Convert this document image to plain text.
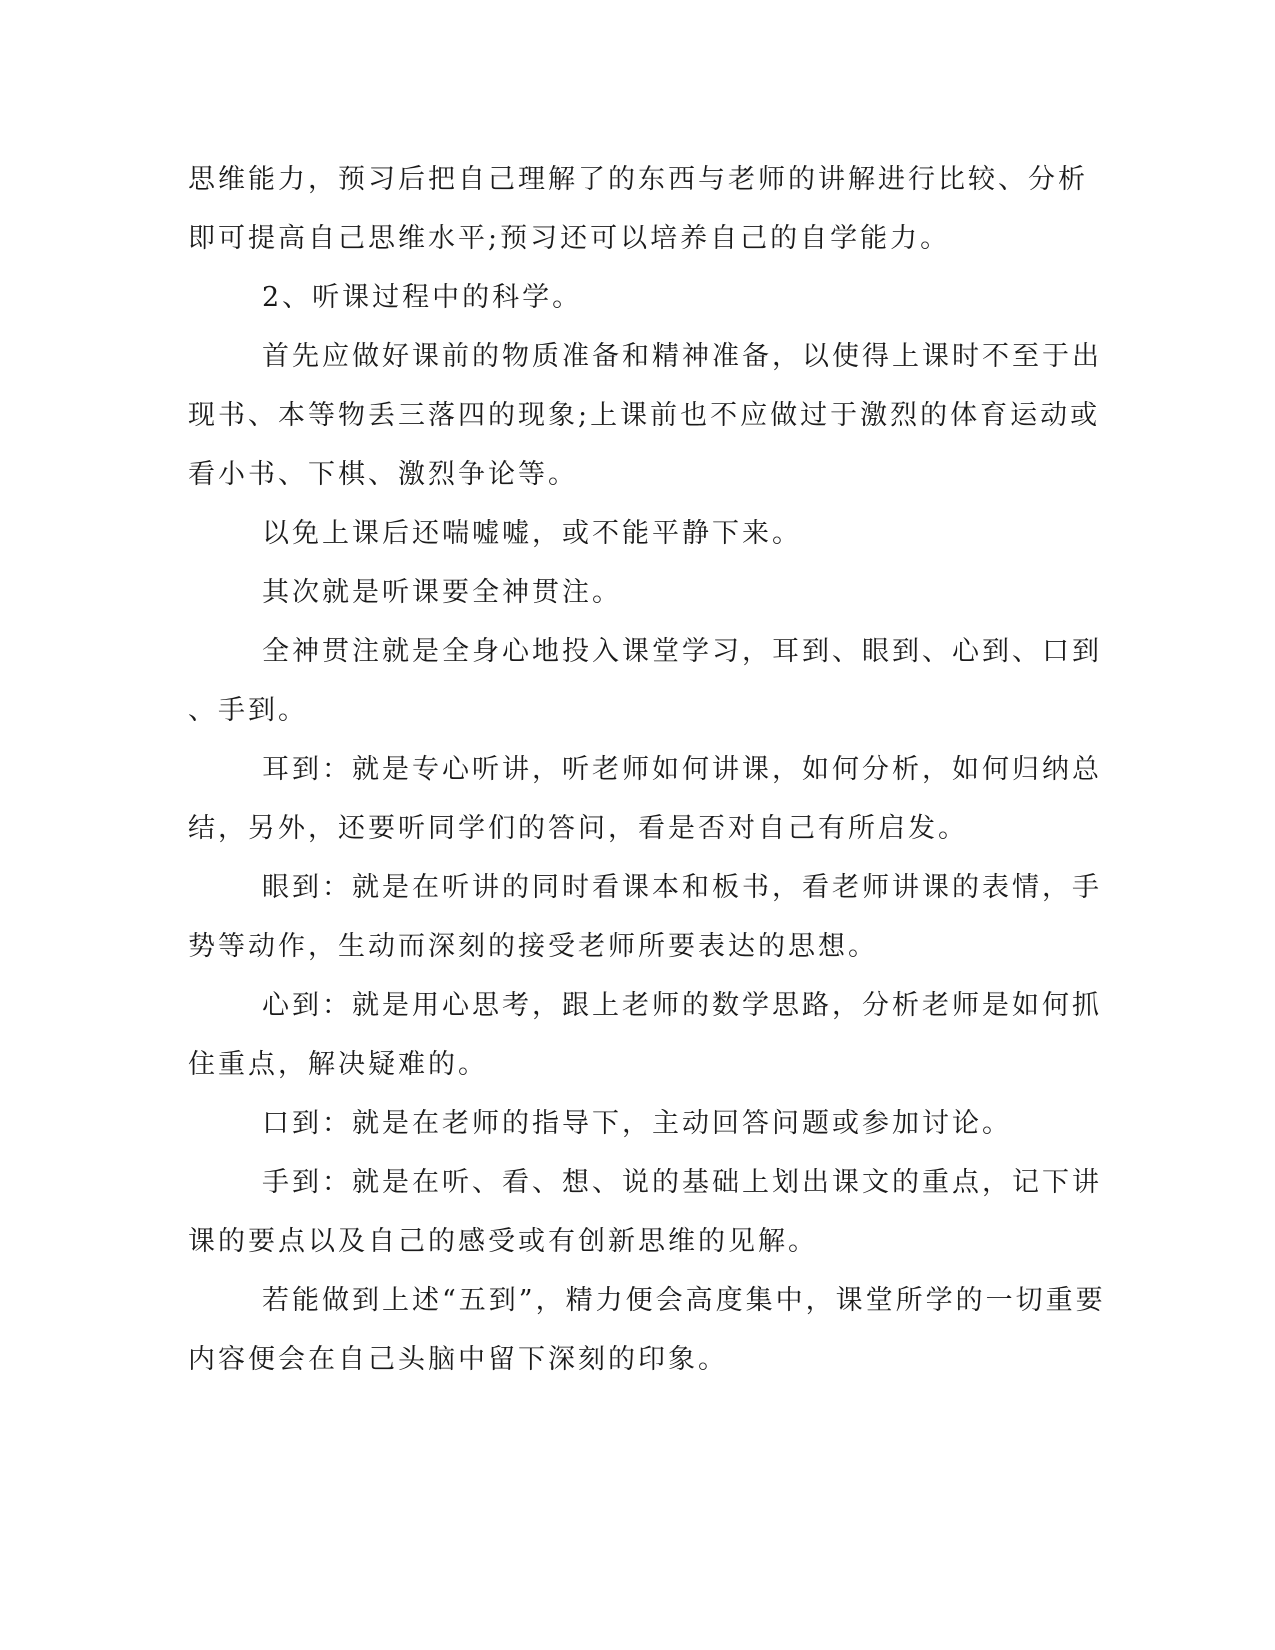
思维能力，预习后把自己理解了的东西与老师的讲解进行比较、分析
即可提高自己思维水平;预习还可以培养自己的自学能力。
2、听课过程中的科学。
首先应做好课前的物质准备和精神准备，以使得上课时不至于出
现书、本等物丢三落四的现象;上课前也不应做过于激烈的体育运动或
看小书、下棋、激烈争论等。
以免上课后还喘嘘嘘，或不能平静下来。
其次就是听课要全神贯注。
全神贯注就是全身心地投入课堂学习，耳到、眼到、心到、口到
、手到。
耳到：就是专心听讲，听老师如何讲课，如何分析，如何归纳总
结，另外，还要听同学们的答问，看是否对自己有所启发。
眼到：就是在听讲的同时看课本和板书，看老师讲课的表情，手
势等动作，生动而深刻的接受老师所要表达的思想。
心到：就是用心思考，跟上老师的数学思路，分析老师是如何抓
住重点，解决疑难的。
口到：就是在老师的指导下，主动回答问题或参加讨论。
手到：就是在听、看、想、说的基础上划出课文的重点，记下讲
课的要点以及自己的感受或有创新思维的见解。
若能做到上述“五到”，精力便会高度集中，课堂所学的一切重要
内容便会在自己头脑中留下深刻的印象。
